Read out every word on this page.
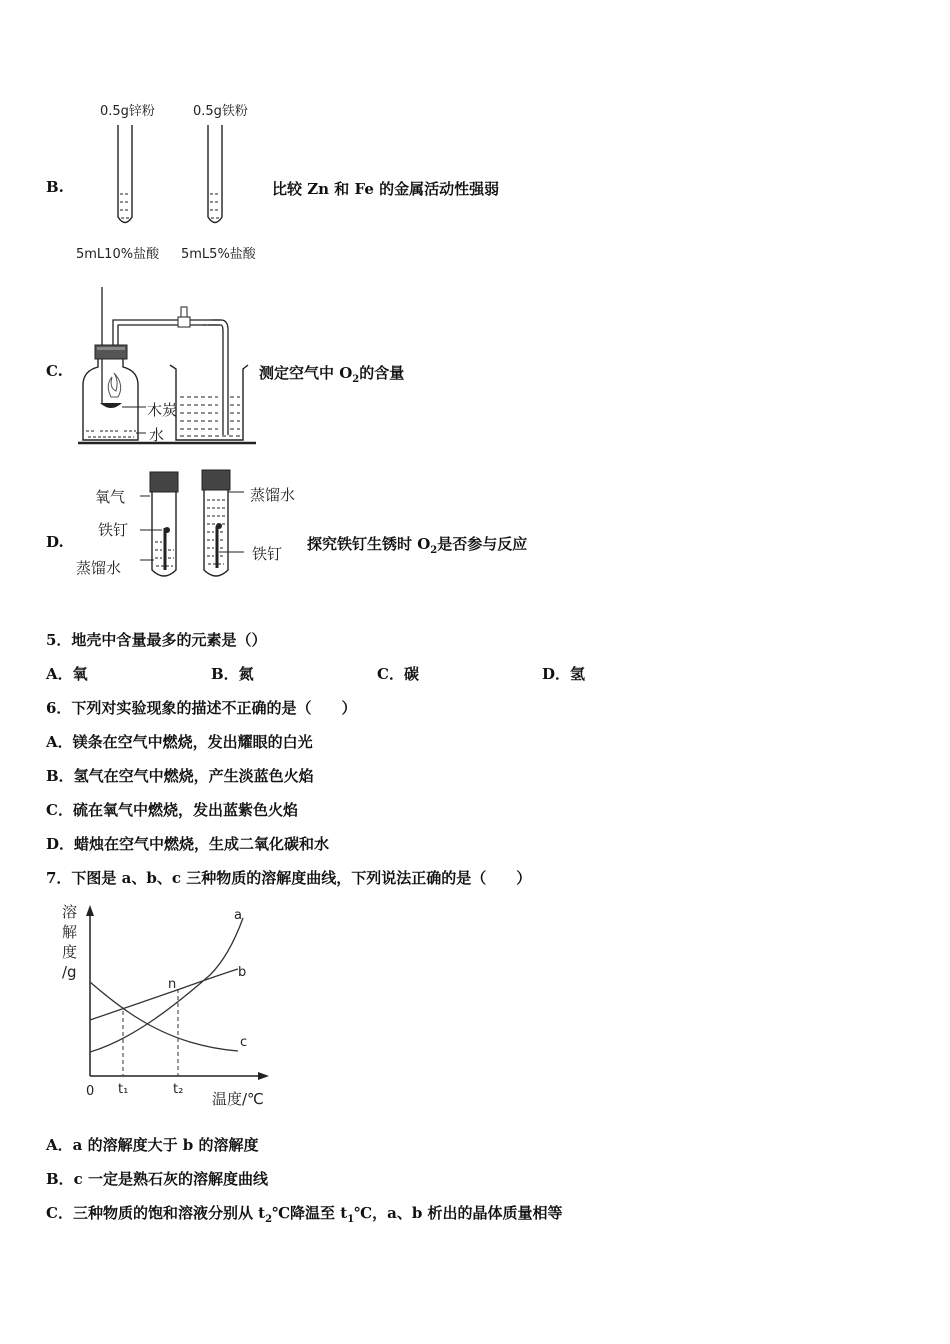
0.5g锌粉	0.5g铁粉
B.	比较 Zn 和 Fe 的金属活动性强弱
5mL10%盐酸 5mL5%盐酸
木炭
水
C.	测定空气中 $O_2$的含量
氧气
铁钉
蒸馏水
蒸馏水
铁钉
D.	探究铁钉生锈时 $O_2$是否参与反应
5．地壳中含量最多的元素是（）
A．氧	B．氮	C．碳	D．氢
6．下列对实验现象的描述不正确的是（　　）
A．镁条在空气中燃烧，发出耀眼的白光
B．氢气在空气中燃烧，产生淡蓝色火焰
C．硫在氧气中燃烧，发出蓝紫色火焰
D．蜡烛在空气中燃烧，生成二氧化碳和水
7．下图是 a、b、c 三种物质的溶解度曲线，下列说法正确的是（　　）
溶
解
度
/g
a
b
c
n
0 t₁	t₂
温度/℃
A．a 的溶解度大于 b 的溶解度
B．c 一定是熟石灰的溶解度曲线
C．三种物质的饱和溶液分别从 $t_2℃$降温至 $t_1℃$，a、b 析出的晶体质量相等
